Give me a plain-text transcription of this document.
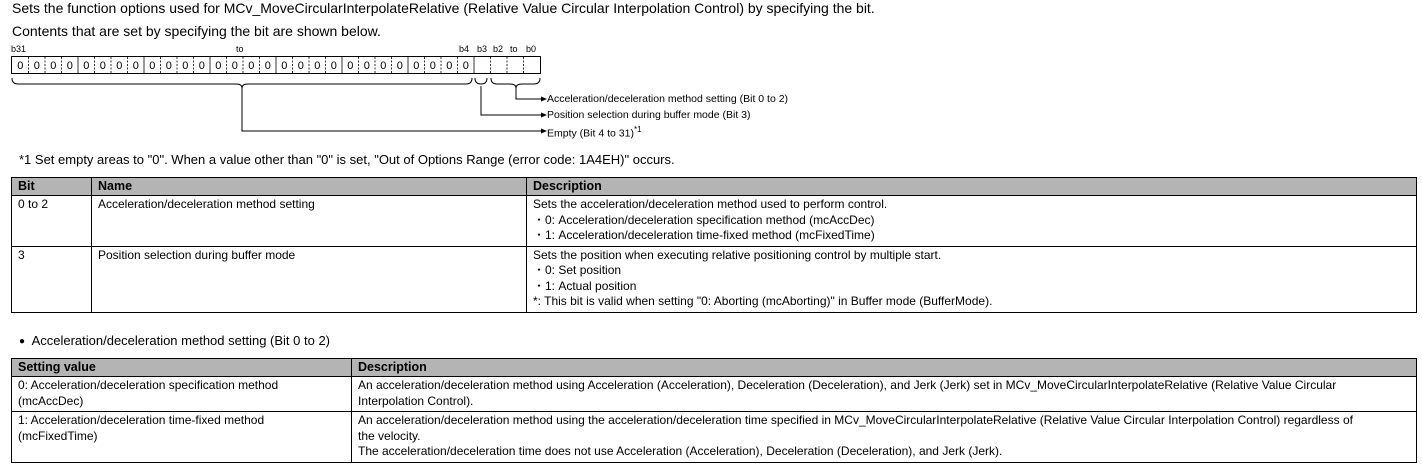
Sets the function options used for MCv_MoveCircularInterpolateRelative (Relative Value Circular Interpolation Control) by specifying the bit.
Contents that are set by specifying the bit are shown below.
b31	to	b4 b3 b2 to b0
0 0 0 0 0 0 0 0 0 0 0 0 0 0 0 0 0 0 0 0 0 0 0 0 0 0 0 0
Acceleration/deceleration method setting (Bit 0 to 2)
Position selection during buffer mode (Bit 3)
Empty (Bit 4 to 31)$^{*1}$
*1 Set empty areas to "0". When a value other than "0" is set, "Out of Options Range (error code: 1A4EH)" occurs.
Bit	Name	Description
0 to 2	Acceleration/deceleration method setting	Sets the acceleration/deceleration method used to perform control.
・0: Acceleration/deceleration specification method (mcAccDec)
・1: Acceleration/deceleration time-fixed method (mcFixedTime)

3	Position selection during buffer mode	Sets the position when executing relative positioning control by multiple start.
・0: Set position
・1: Actual position
*: This bit is valid when setting "0: Aborting (mcAborting)" in Buffer mode (BufferMode).
● Acceleration/deceleration method setting (Bit 0 to 2)
Setting value	Description

0: Acceleration/deceleration specification method
(mcAccDec)	An acceleration/deceleration method using Acceleration (Acceleration), Deceleration (Deceleration), and Jerk (Jerk) set in MCv_MoveCircularInterpolateRelative (Relative Value Circular
Interpolation Control).

1: Acceleration/deceleration time-fixed method
(mcFixedTime)	An acceleration/deceleration method using the acceleration/deceleration time specified in MCv_MoveCircularInterpolateRelative (Relative Value Circular Interpolation Control) regardless of
the velocity.
The acceleration/deceleration time does not use Acceleration (Acceleration), Deceleration (Deceleration), and Jerk (Jerk).
